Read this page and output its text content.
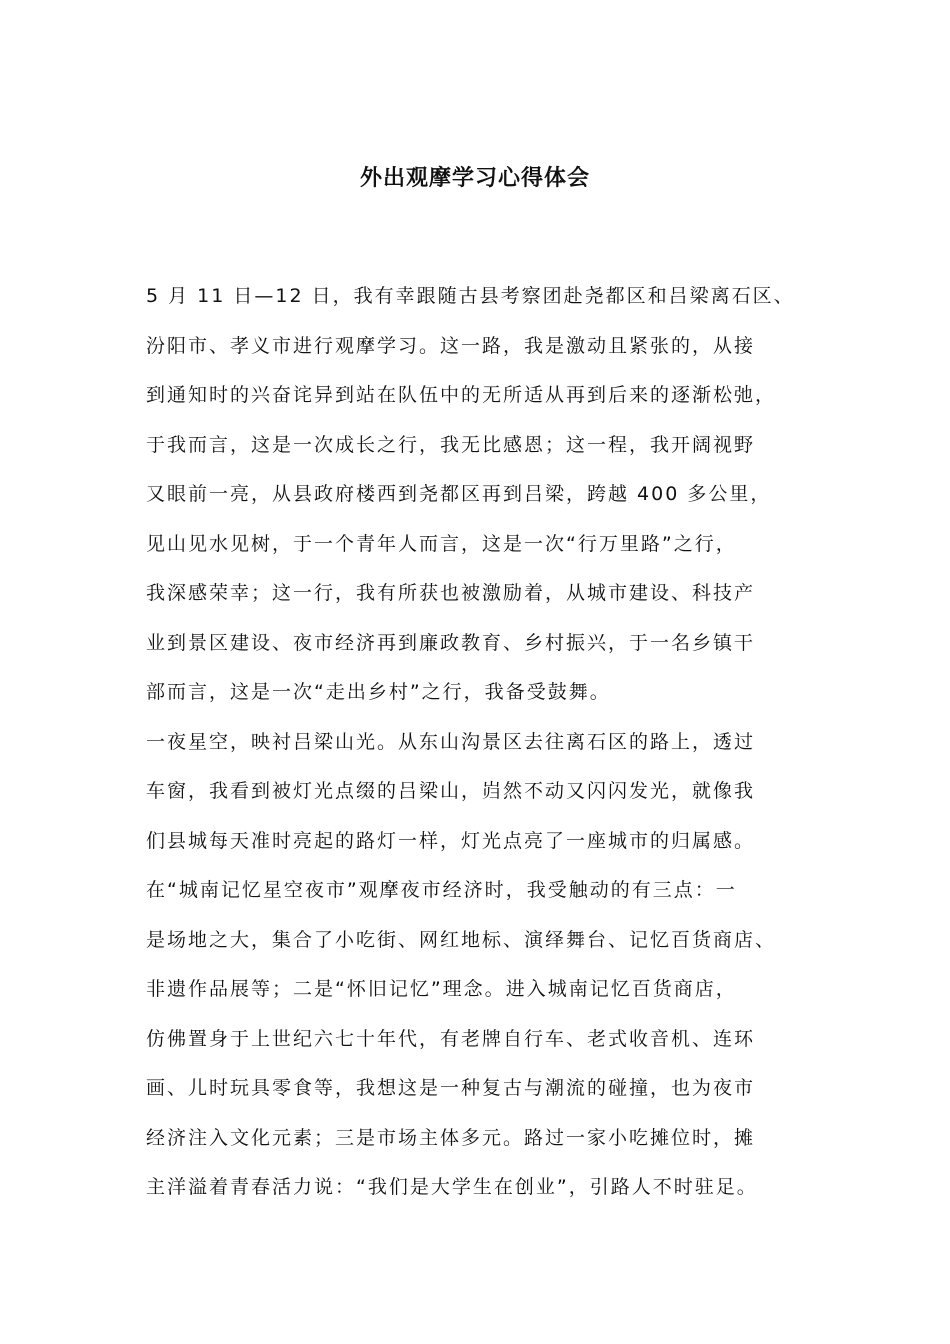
外出观摩学习心得体会
5 月 11 日—12 日，我有幸跟随古县考察团赴尧都区和吕梁离石区、
汾阳市、孝义市进行观摩学习。这一路，我是激动且紧张的，从接
到通知时的兴奋诧异到站在队伍中的无所适从再到后来的逐渐松弛，
于我而言，这是一次成长之行，我无比感恩；这一程，我开阔视野
又眼前一亮，从县政府楼西到尧都区再到吕梁，跨越 400 多公里，
见山见水见树，于一个青年人而言，这是一次“行万里路”之行，
我深感荣幸；这一行，我有所获也被激励着，从城市建设、科技产
业到景区建设、夜市经济再到廉政教育、乡村振兴，于一名乡镇干
部而言，这是一次“走出乡村”之行，我备受鼓舞。
一夜星空，映衬吕梁山光。从东山沟景区去往离石区的路上，透过
车窗，我看到被灯光点缀的吕梁山，岿然不动又闪闪发光，就像我
们县城每天准时亮起的路灯一样，灯光点亮了一座城市的归属感。
在“城南记忆星空夜市”观摩夜市经济时，我受触动的有三点：一
是场地之大，集合了小吃街、网红地标、演绎舞台、记忆百货商店、
非遗作品展等；二是“怀旧记忆”理念。进入城南记忆百货商店，
仿佛置身于上世纪六七十年代，有老牌自行车、老式收音机、连环
画、儿时玩具零食等，我想这是一种复古与潮流的碰撞，也为夜市
经济注入文化元素；三是市场主体多元。路过一家小吃摊位时，摊
主洋溢着青春活力说：“我们是大学生在创业”，引路人不时驻足。
